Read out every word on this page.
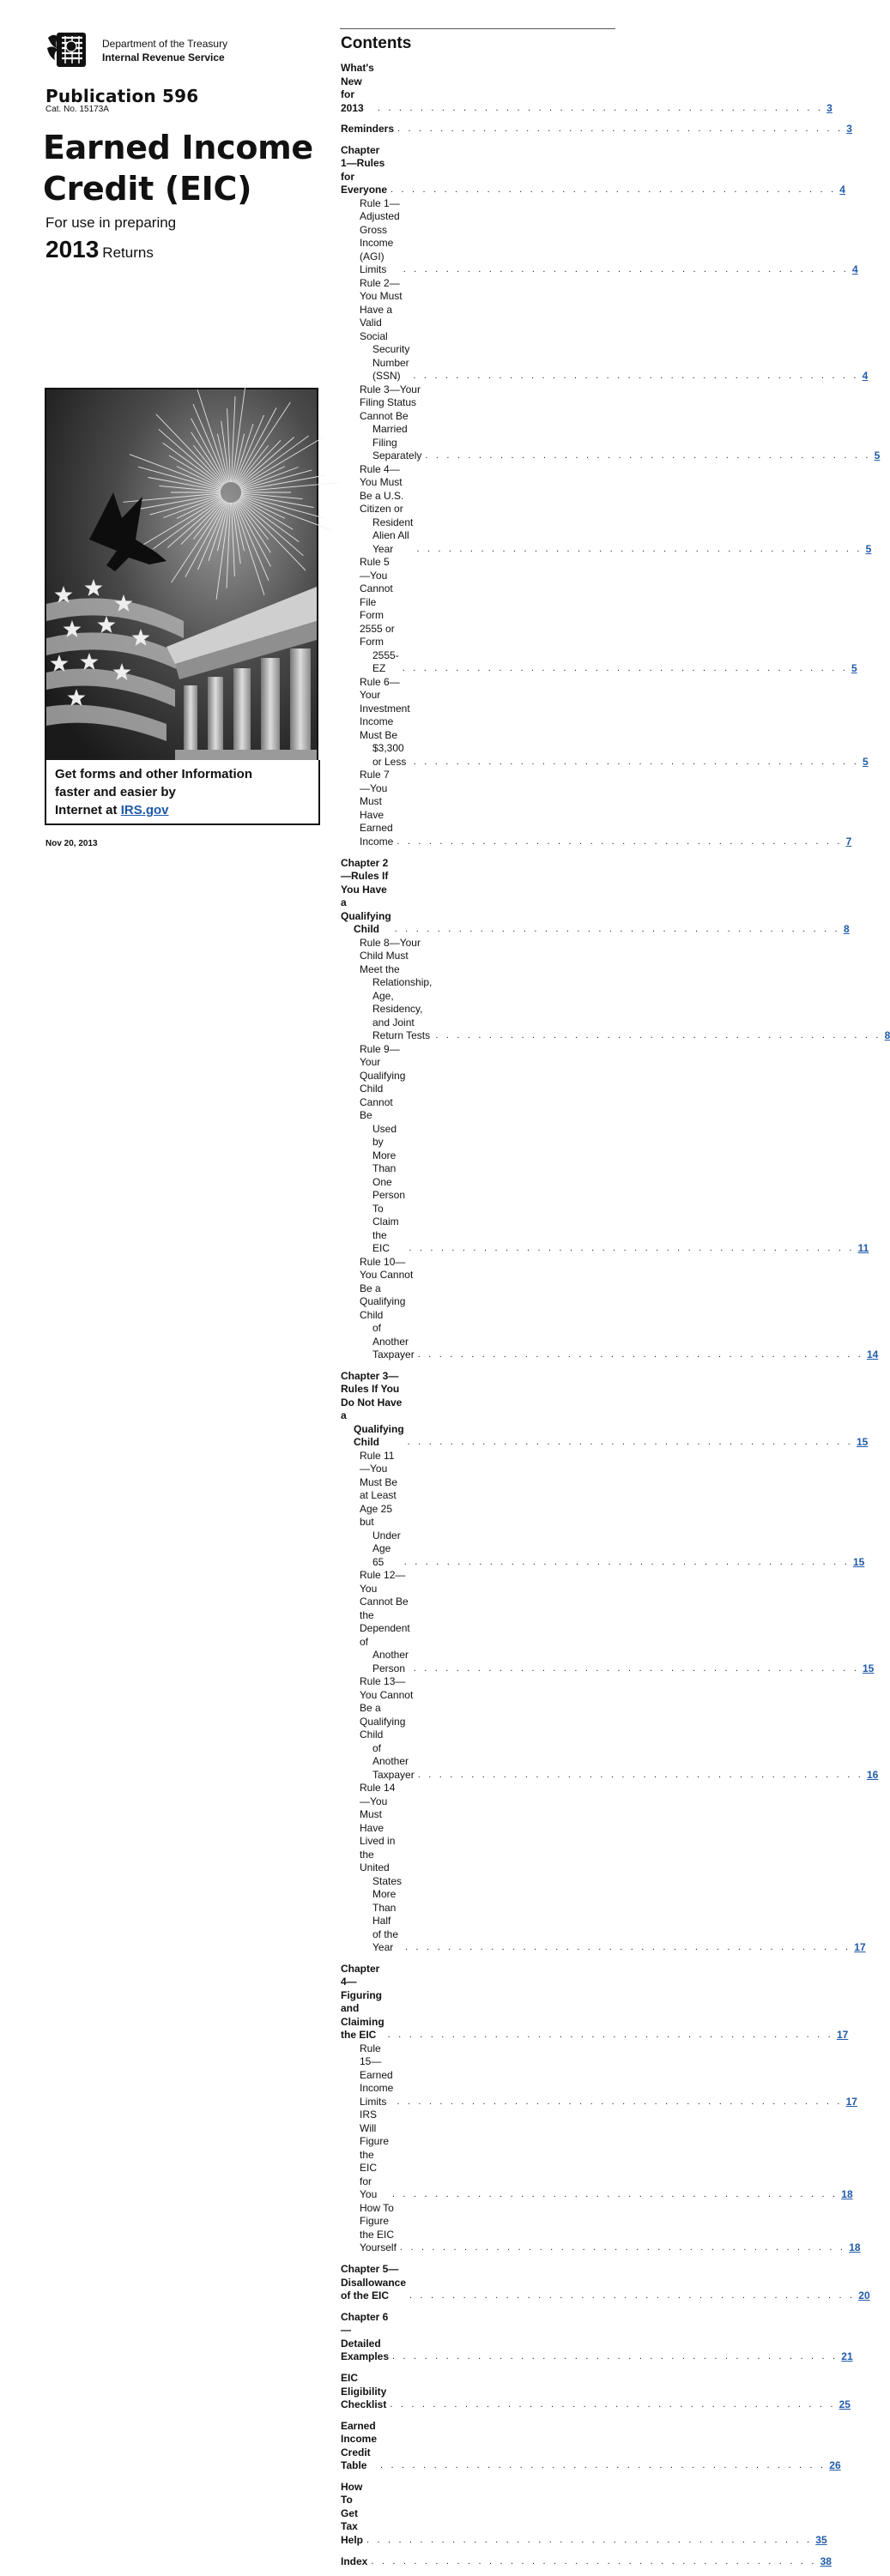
Department of the Treasury
Internal Revenue Service
Publication 596
Cat. No. 15173A
Earned Income
Credit (EIC)
For use in preparing
2013 Returns
Get forms and other Information
faster and easier by
Internet at IRS.gov
Nov 20, 2013
Contents
What's New for 2013	. . . . . . . . . . . . . . . . . . . . . . . . . . . . . . . . . . . . . . . . . . 3
Reminders . . . . . . . . . . . . . . . . . . . . . . . . . . . . . . . . . . . . . . . . . . 3
Chapter 1—Rules for Everyone . . . . . . . . . . . . . . . . . . . . . . . . . . . . . . . . . . . . . . . . . . 4
Rule 1—Adjusted Gross Income (AGI) Limits	. . . . . . . . . . . . . . . . . . . . . . . . . . . . . . . . . . . . . . . . . . 4
Rule 2—You Must Have a Valid Social
Security Number (SSN)	. . . . . . . . . . . . . . . . . . . . . . . . . . . . . . . . . . . . . . . . . . 4
Rule 3—Your Filing Status Cannot Be
Married Filing Separately . . . . . . . . . . . . . . . . . . . . . . . . . . . . . . . . . . . . . . . . . . 5
Rule 4—You Must Be a U.S. Citizen or
Resident Alien All Year	. . . . . . . . . . . . . . . . . . . . . . . . . . . . . . . . . . . . . . . . . . 5
Rule 5—You Cannot File Form 2555 or Form
2555-EZ	. . . . . . . . . . . . . . . . . . . . . . . . . . . . . . . . . . . . . . . . . . 5
Rule 6—Your Investment Income Must Be
$3,300 or Less . . . . . . . . . . . . . . . . . . . . . . . . . . . . . . . . . . . . . . . . . . 5
Rule 7—You Must Have Earned Income . . . . . . . . . . . . . . . . . . . . . . . . . . . . . . . . . . . . . . . . . . 7
Chapter 2—Rules If You Have a Qualifying
Child	. . . . . . . . . . . . . . . . . . . . . . . . . . . . . . . . . . . . . . . . . . 8
Rule 8—Your Child Must Meet the
Relationship, Age, Residency, and Joint
Return Tests . . . . . . . . . . . . . . . . . . . . . . . . . . . . . . . . . . . . . . . . . . 8
Rule 9—Your Qualifying Child Cannot Be
Used by More Than One Person To Claim
the EIC	. . . . . . . . . . . . . . . . . . . . . . . . . . . . . . . . . . . . . . . . . . 11
Rule 10—You Cannot Be a Qualifying Child
of Another Taxpayer . . . . . . . . . . . . . . . . . . . . . . . . . . . . . . . . . . . . . . . . . . 14
Chapter 3—Rules If You Do Not Have a
Qualifying Child	. . . . . . . . . . . . . . . . . . . . . . . . . . . . . . . . . . . . . . . . . . 15
Rule 11—You Must Be at Least Age 25 but
Under Age 65	. . . . . . . . . . . . . . . . . . . . . . . . . . . . . . . . . . . . . . . . . . 15
Rule 12—You Cannot Be the Dependent of
Another Person . . . . . . . . . . . . . . . . . . . . . . . . . . . . . . . . . . . . . . . . . . 15
Rule 13—You Cannot Be a Qualifying Child
of Another Taxpayer . . . . . . . . . . . . . . . . . . . . . . . . . . . . . . . . . . . . . . . . . . 16
Rule 14—You Must Have Lived in the United
States More Than Half of the Year	. . . . . . . . . . . . . . . . . . . . . . . . . . . . . . . . . . . . . . . . . . 17
Chapter 4—Figuring and Claiming the EIC	. . . . . . . . . . . . . . . . . . . . . . . . . . . . . . . . . . . . . . . . . . 17
Rule 15—Earned Income Limits	. . . . . . . . . . . . . . . . . . . . . . . . . . . . . . . . . . . . . . . . . . 17
IRS Will Figure the EIC for You	. . . . . . . . . . . . . . . . . . . . . . . . . . . . . . . . . . . . . . . . . . 18
How To Figure the EIC Yourself . . . . . . . . . . . . . . . . . . . . . . . . . . . . . . . . . . . . . . . . . . 18
Chapter 5—Disallowance of the EIC	. . . . . . . . . . . . . . . . . . . . . . . . . . . . . . . . . . . . . . . . . . 20
Chapter 6—Detailed Examples . . . . . . . . . . . . . . . . . . . . . . . . . . . . . . . . . . . . . . . . . . 21
EIC Eligibility Checklist . . . . . . . . . . . . . . . . . . . . . . . . . . . . . . . . . . . . . . . . . . 25
Earned Income Credit Table	. . . . . . . . . . . . . . . . . . . . . . . . . . . . . . . . . . . . . . . . . . 26
How To Get Tax Help . . . . . . . . . . . . . . . . . . . . . . . . . . . . . . . . . . . . . . . . . . 35
Index . . . . . . . . . . . . . . . . . . . . . . . . . . . . . . . . . . . . . . . . . . 38
